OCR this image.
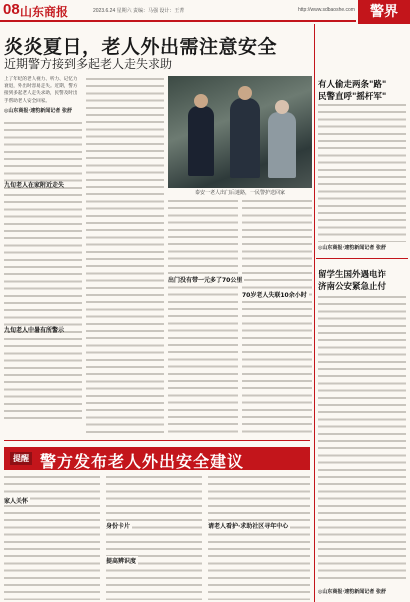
08 山东商报	2023.6.24 星期六 责编：马强 设计：王菁	http://www.sdbaoshe.com	警界
炎炎夏日，老人外出需注意安全
近期警方接到多起老人走失求助
上了年纪的老人视力、听力、记忆力衰退，外出时容易走失。近期，警方接到多起老人走失求助，民警及时出手帮助老人安全回家。
◎山东商报·速豹新闻记者 张舒
九旬老人在家附近走失
九旬老人中暑有所警示
泰安一老人出门后迷路，一民警护送回家
出门没有带一元多了70公里
70岁老人失联10余小时
有人偷走两条"路"
民警直呼"摇杆军"
◎山东商报·速豹新闻记者 张舒
留学生国外遇电诈
济南公安紧急止付
◎山东商报·速豹新闻记者 张舒
提醒 警方发布老人外出安全建议
家人关怀
身份卡片
提高辨识度
请老人看护·求助社区寻年中心
